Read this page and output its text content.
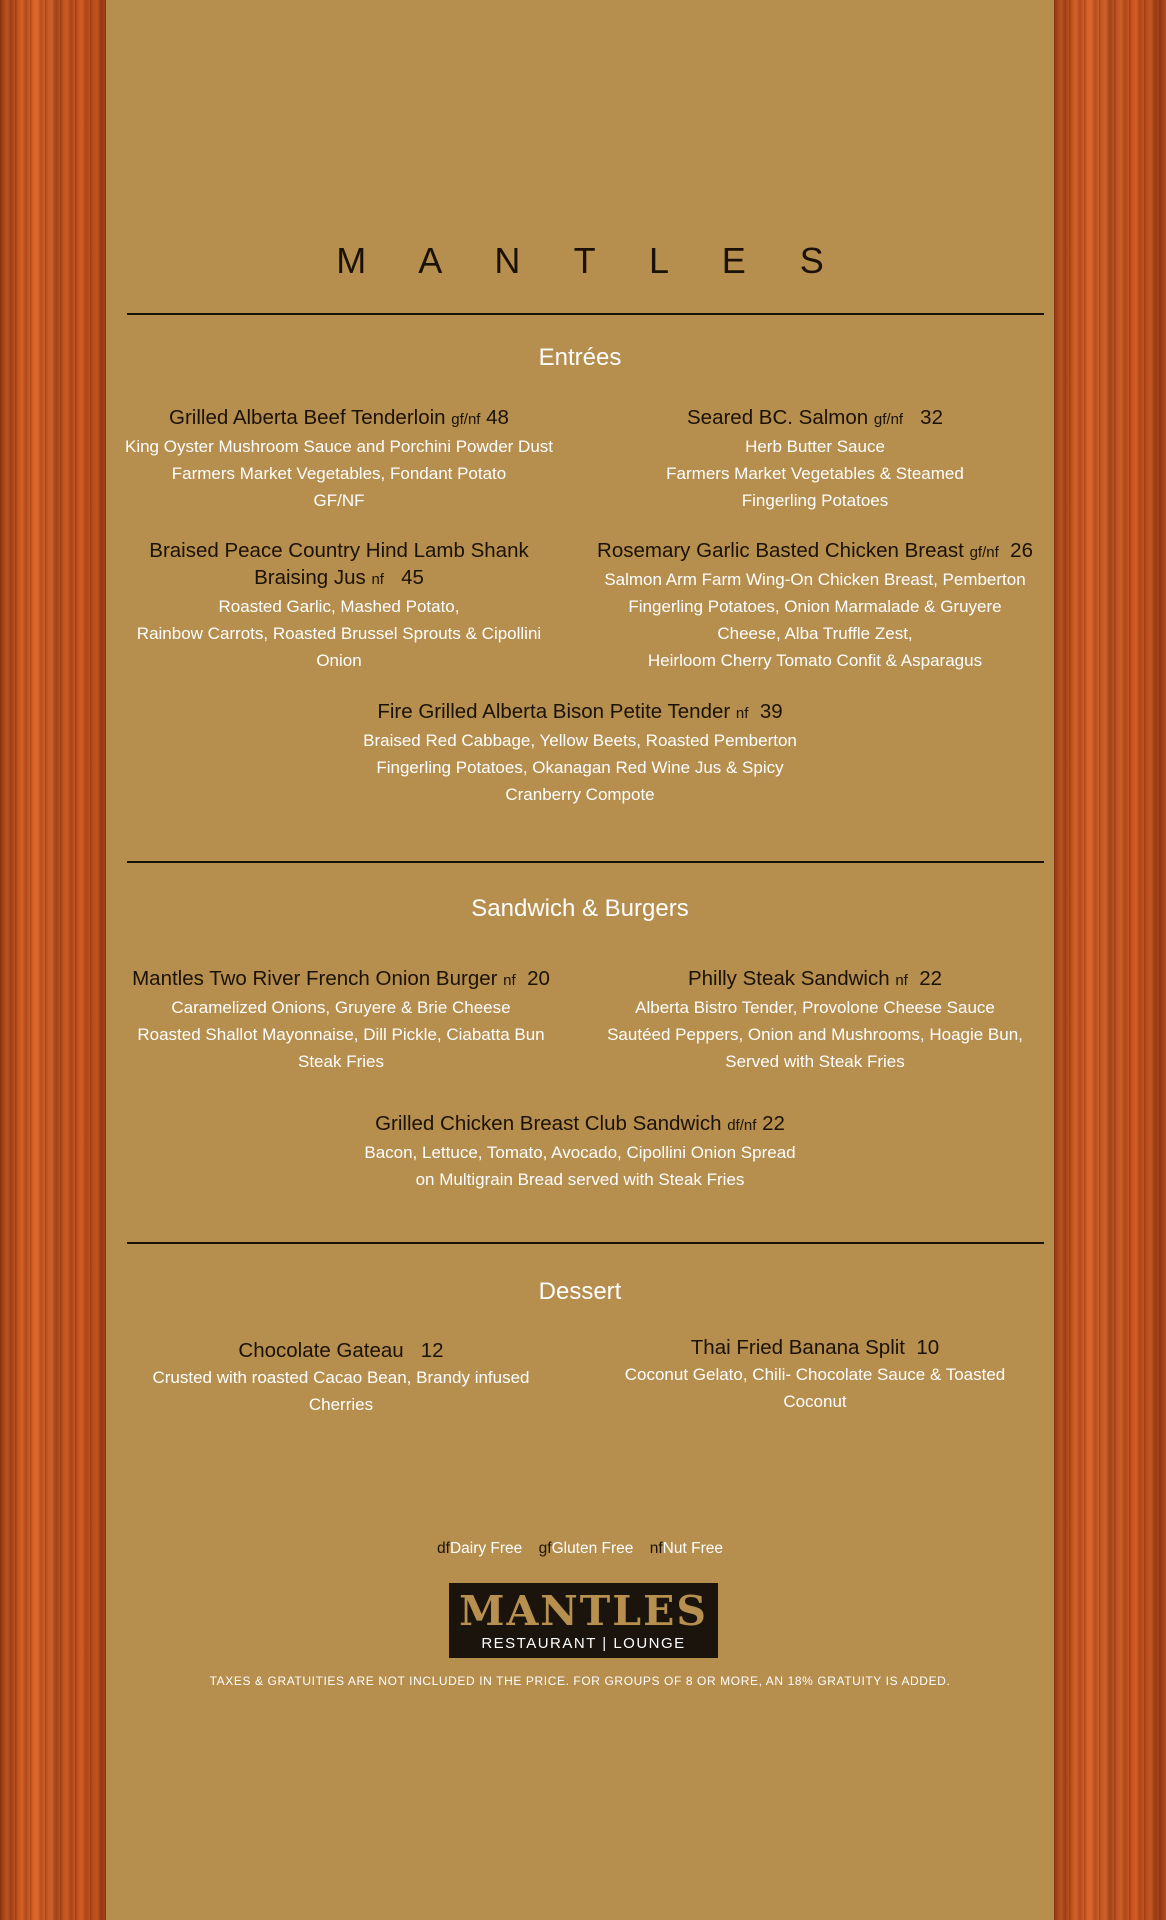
M A N T L E S
Entrées
Grilled Alberta Beef Tenderloin gf/nf 48
King Oyster Mushroom Sauce and Porchini Powder Dust
Farmers Market Vegetables, Fondant Potato
GF/NF
Seared BC. Salmon gf/nf 32
Herb Butter Sauce
Farmers Market Vegetables & Steamed
Fingerling Potatoes
Braised Peace Country Hind Lamb Shank
Braising Jus nf 45
Roasted Garlic, Mashed Potato,
Rainbow Carrots, Roasted Brussel Sprouts & Cipollini
Onion
Rosemary Garlic Basted Chicken Breast gf/nf 26
Salmon Arm Farm Wing-On Chicken Breast, Pemberton
Fingerling Potatoes, Onion Marmalade & Gruyere
Cheese, Alba Truffle Zest,
Heirloom Cherry Tomato Confit & Asparagus
Fire Grilled Alberta Bison Petite Tender nf 39
Braised Red Cabbage, Yellow Beets, Roasted Pemberton
Fingerling Potatoes, Okanagan Red Wine Jus & Spicy
Cranberry Compote
Sandwich & Burgers
Mantles Two River French Onion Burger nf 20
Caramelized Onions, Gruyere & Brie Cheese
Roasted Shallot Mayonnaise, Dill Pickle, Ciabatta Bun
Steak Fries
Philly Steak Sandwich nf 22
Alberta Bistro Tender, Provolone Cheese Sauce
Sautéed Peppers, Onion and Mushrooms, Hoagie Bun,
Served with Steak Fries
Grilled Chicken Breast Club Sandwich df/nf 22
Bacon, Lettuce, Tomato, Avocado, Cipollini Onion Spread
on Multigrain Bread served with Steak Fries
Dessert
Chocolate Gateau 12
Crusted with roasted Cacao Bean, Brandy infused
Cherries
Thai Fried Banana Split 10
Coconut Gelato, Chili- Chocolate Sauce & Toasted
Coconut
dfDairy Free gfGluten Free nfNut Free
MANTLES
RESTAURANT | LOUNGE
TAXES & GRATUITIES ARE NOT INCLUDED IN THE PRICE. FOR GROUPS OF 8 OR MORE, AN 18% GRATUITY IS ADDED.
